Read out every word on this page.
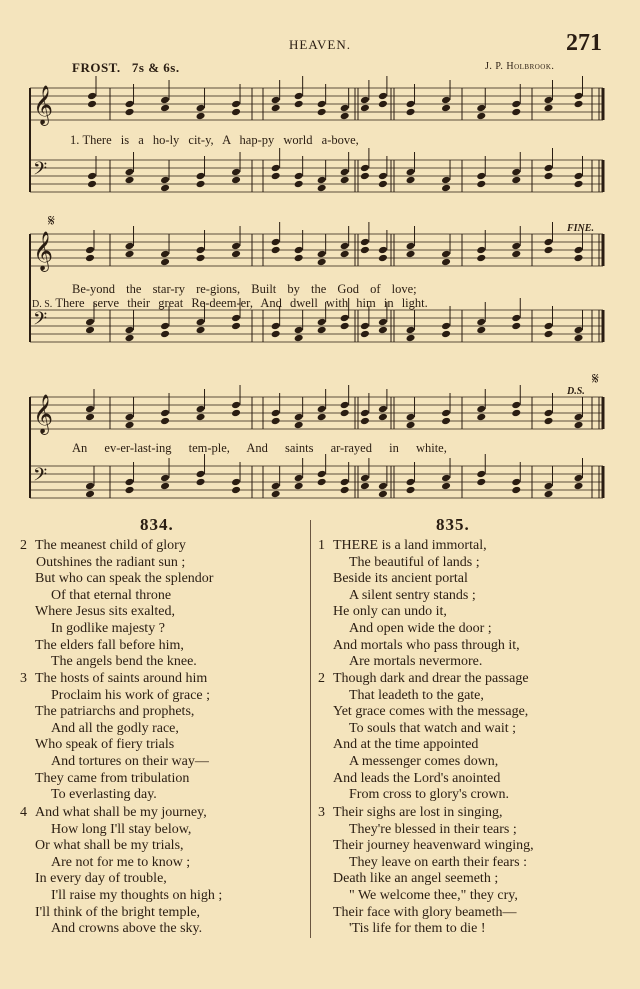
HEAVEN.	271
FROST. 7s & 6s.	J. P. Holbrook.
𝄞
𝄢
𝄞
𝄢
𝄞
𝄢
𝄋
𝄋
FINE.
D.S.
1. There is a ho-ly cit-y, A hap-py world a-bove,
Be-yond the star-ry re-gions, Built by the God of love;
D. S. There serve their great Re-deem-er, And dwell with him in light.
An ev-er-last-ing tem-ple, And saints ar-rayed in white,
834.	835.
2 The meanest child of glory
Outshines the radiant sun ;
But who can speak the splendor
Of that eternal throne
Where Jesus sits exalted,
In godlike majesty ?
The elders fall before him,
The angels bend the knee.
3 The hosts of saints around him
Proclaim his work of grace ;
The patriarchs and prophets,
And all the godly race,
Who speak of fiery trials
And tortures on their way—
They came from tribulation
To everlasting day.
4 And what shall be my journey,
How long I'll stay below,
Or what shall be my trials,
Are not for me to know ;
In every day of trouble,
I'll raise my thoughts on high ;
I'll think of the bright temple,
And crowns above the sky.
1 THERE is a land immortal,
The beautiful of lands ;
Beside its ancient portal
A silent sentry stands ;
He only can undo it,
And open wide the door ;
And mortals who pass through it,
Are mortals nevermore.
2 Though dark and drear the passage
That leadeth to the gate,
Yet grace comes with the message,
To souls that watch and wait ;
And at the time appointed
A messenger comes down,
And leads the Lord's anointed
From cross to glory's crown.
3 Their sighs are lost in singing,
They're blessed in their tears ;
Their journey heavenward winging,
They leave on earth their fears :
Death like an angel seemeth ;
" We welcome thee," they cry,
Their face with glory beameth—
'Tis life for them to die !
